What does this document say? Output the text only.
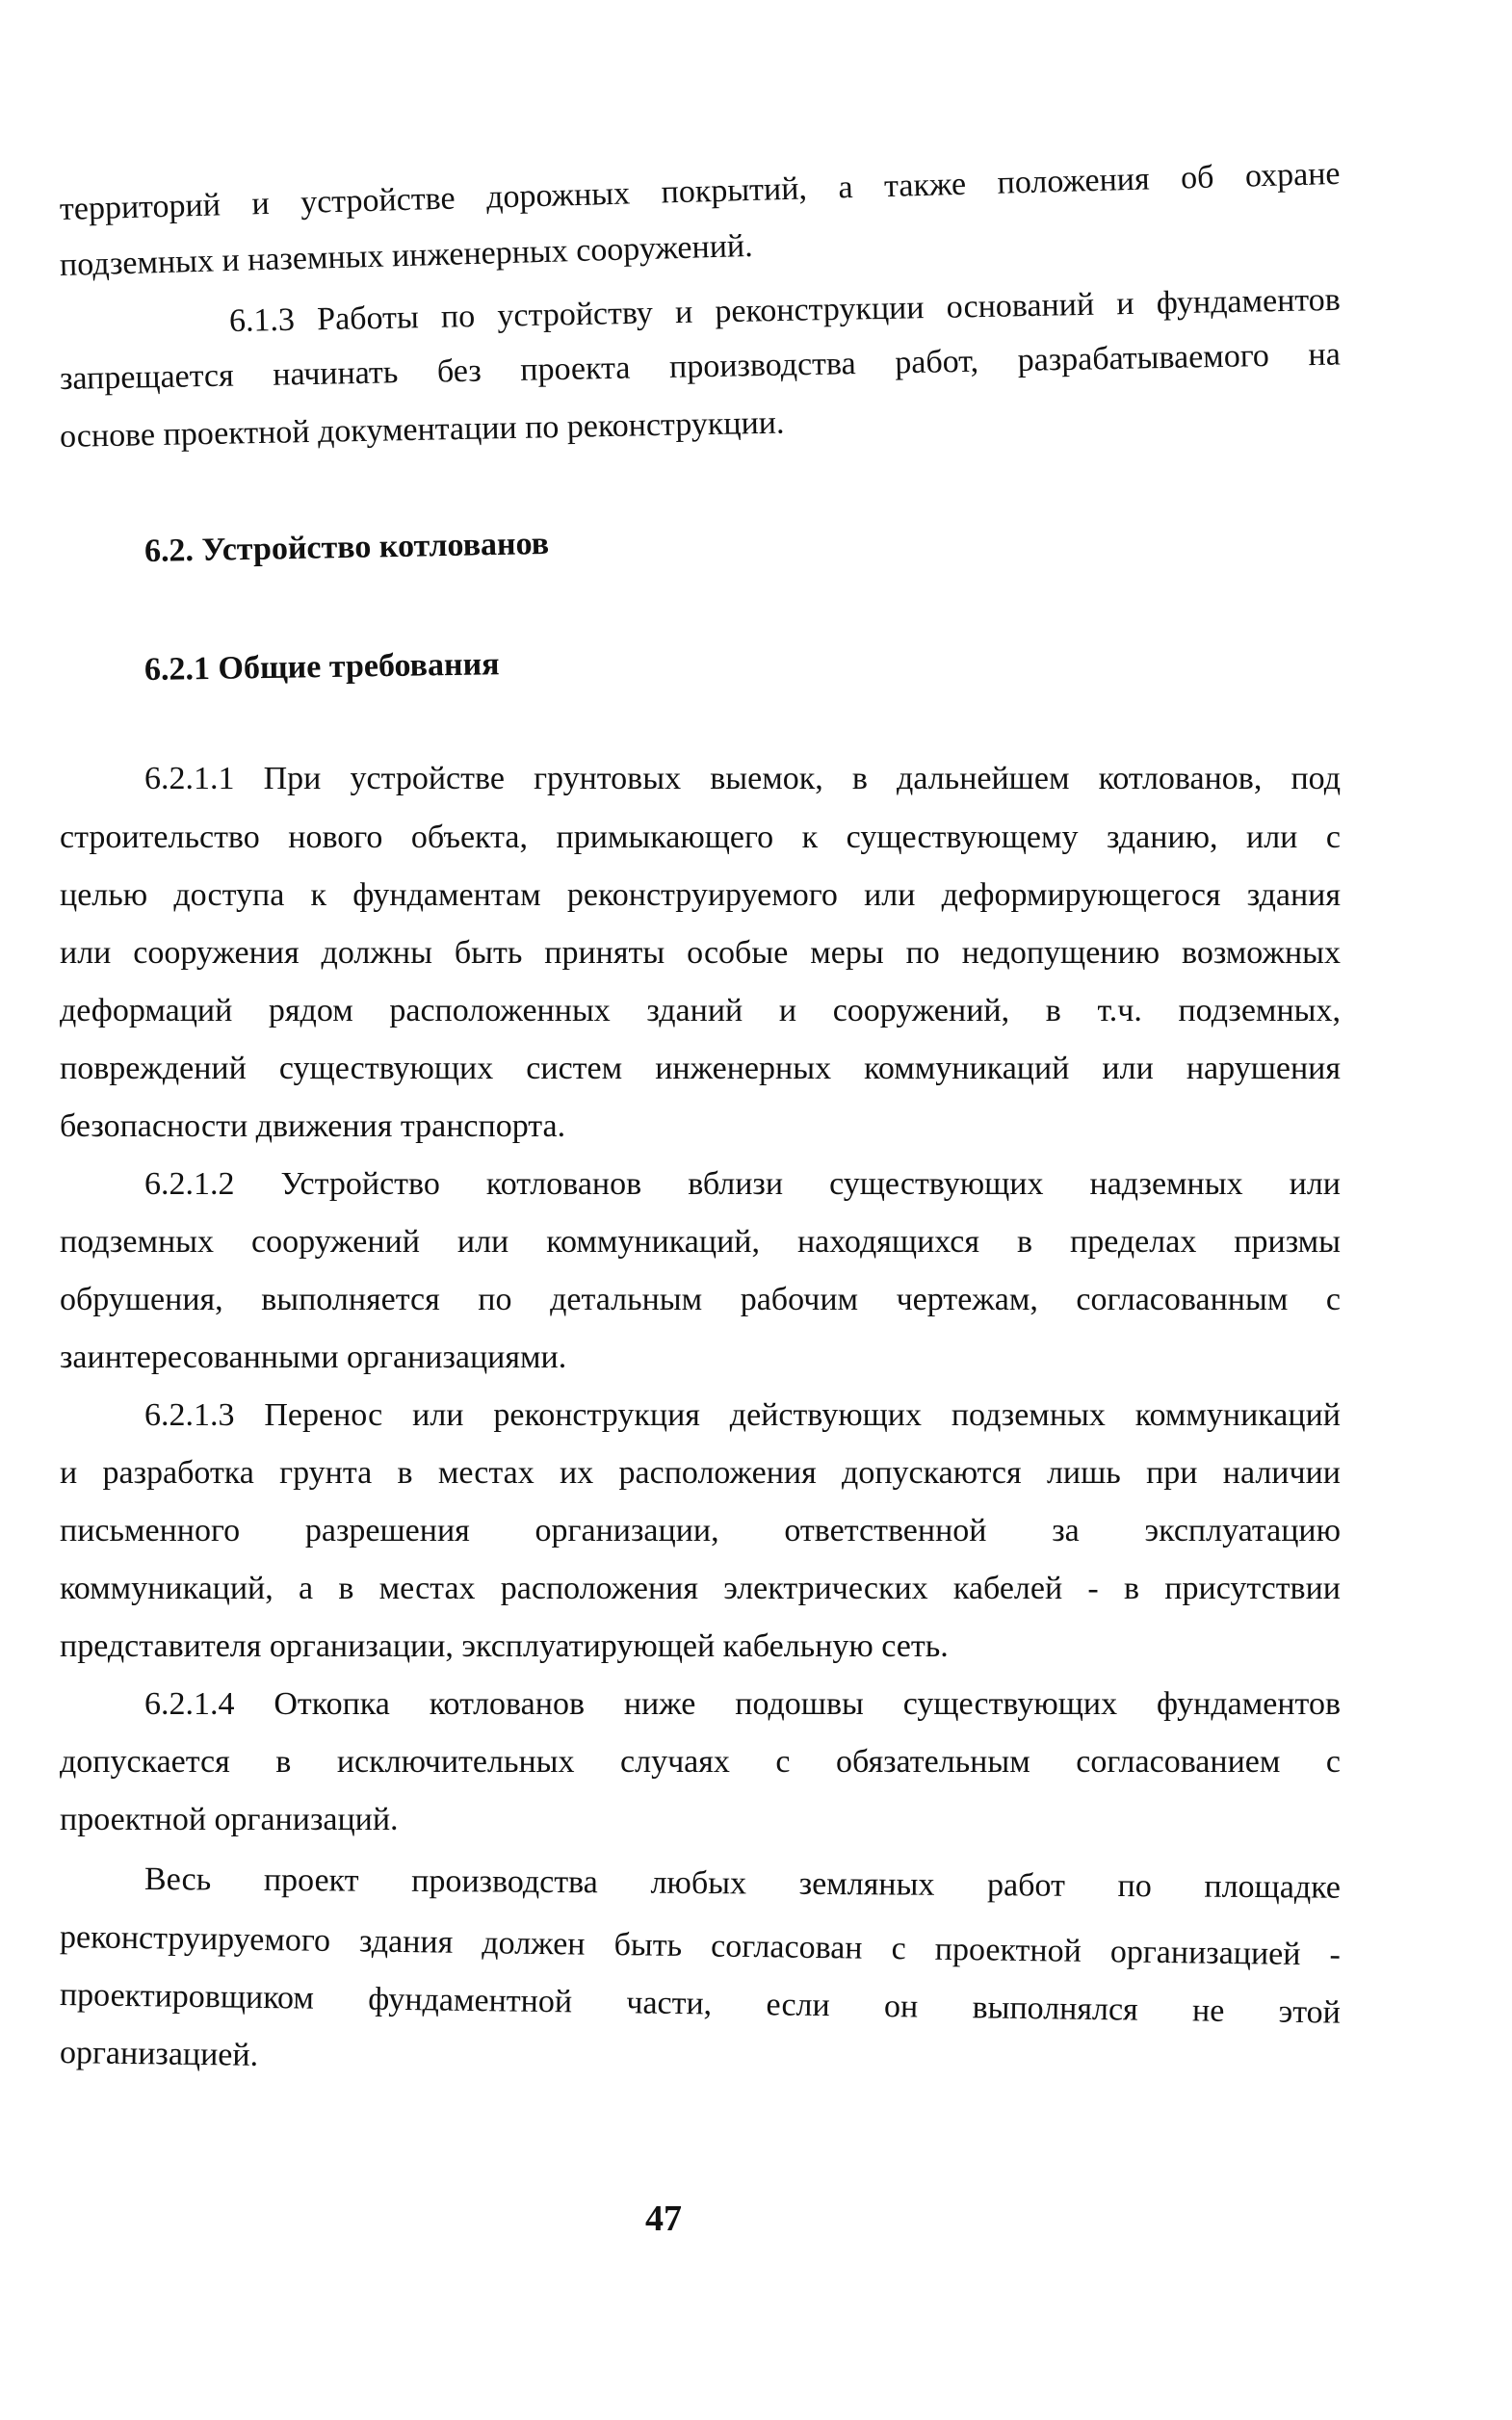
территорий и устройстве дорожных покрытий, а также положения об охране
подземных и наземных инженерных сооружений.
6.1.3 Работы по устройству и реконструкции оснований и фундаментов
запрещается начинать без проекта производства работ, разрабатываемого на
основе проектной документации по реконструкции.
6.2. Устройство котлованов
6.2.1 Общие требования
6.2.1.1 При устройстве грунтовых выемок, в дальнейшем котлованов, под
строительство нового объекта, примыкающего к существующему зданию, или с
целью доступа к фундаментам реконструируемого или деформирующегося здания
или сооружения должны быть приняты особые меры по недопущению возможных
деформаций рядом расположенных зданий и сооружений, в т.ч. подземных,
повреждений существующих систем инженерных коммуникаций или нарушения
безопасности движения транспорта.
6.2.1.2 Устройство котлованов вблизи существующих надземных или
подземных сооружений или коммуникаций, находящихся в пределах призмы
обрушения, выполняется по детальным рабочим чертежам, согласованным с
заинтересованными организациями.
6.2.1.3 Перенос или реконструкция действующих подземных коммуникаций
и разработка грунта в местах их расположения допускаются лишь при наличии
письменного разрешения организации, ответственной за эксплуатацию
коммуникаций, а в местах расположения электрических кабелей - в присутствии
представителя организации, эксплуатирующей кабельную сеть.
6.2.1.4 Откопка котлованов ниже подошвы существующих фундаментов
допускается в исключительных случаях с обязательным согласованием с
проектной организаций.
Весь проект производства любых земляных работ по площадке
реконструируемого здания должен быть согласован с проектной организацией -
проектировщиком фундаментной части, если он выполнялся не этой
организацией.
47
